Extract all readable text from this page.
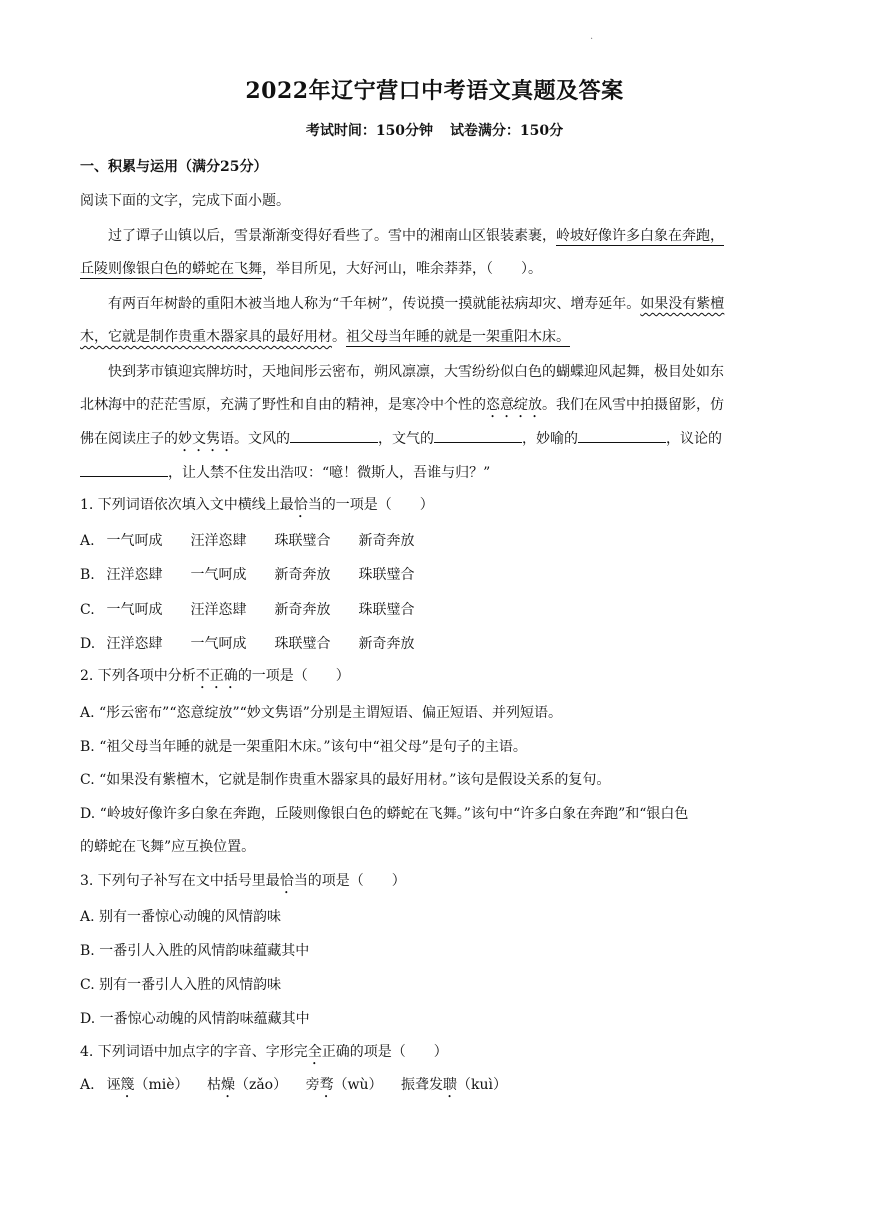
·
2022年辽宁营口中考语文真题及答案
考试时间：150分钟 试卷满分：150分
一、积累与运用（满分25分）
阅读下面的文字，完成下面小题。
过了谭子山镇以后，雪景渐渐变得好看些了。雪中的湘南山区银装素裹，岭坡好像许多白象在奔跑，
丘陵则像银白色的蟒蛇在飞舞，举目所见，大好河山，唯余莽莽，（　　）。
有两百年树龄的重阳木被当地人称为“千年树”，传说摸一摸就能祛病却灾、增寿延年。如果没有紫檀
木，它就是制作贵重木器家具的最好用材。祖父母当年睡的就是一架重阳木床。
快到茅市镇迎宾牌坊时，天地间彤云密布，朔风凛凛，大雪纷纷似白色的蝴蝶迎风起舞，极目处如东
北林海中的茫茫雪原，充满了野性和自由的精神，是寒冷中个性的恣意绽放。我们在风雪中拍摄留影，仿
佛在阅读庄子的妙文隽语。文风的	，文气的	，妙喻的	，议论的
，让人禁不住发出浩叹：“噫！微斯人，吾谁与归？”
1. 下列词语依次填入文中横线上最恰当的一项是（　　）
A. 一气呵成 汪洋恣肆 珠联璧合 新奇奔放
B. 汪洋恣肆 一气呵成 新奇奔放 珠联璧合
C. 一气呵成 汪洋恣肆 新奇奔放 珠联璧合
D. 汪洋恣肆 一气呵成 珠联璧合 新奇奔放
2. 下列各项中分析不正确的一项是（　　）
A. “彤云密布”“恣意绽放”“妙文隽语”分别是主谓短语、偏正短语、并列短语。
B. “祖父母当年睡的就是一架重阳木床。”该句中“祖父母”是句子的主语。
C. “如果没有紫檀木，它就是制作贵重木器家具的最好用材。”该句是假设关系的复句。
D. “岭坡好像许多白象在奔跑，丘陵则像银白色的蟒蛇在飞舞。”该句中“许多白象在奔跑”和“银白色
的蟒蛇在飞舞”应互换位置。
3. 下列句子补写在文中括号里最恰当的项是（　　）
A. 别有一番惊心动魄的风情韵味
B. 一番引人入胜的风情韵味蕴藏其中
C. 别有一番引人入胜的风情韵味
D. 一番惊心动魄的风情韵味蕴藏其中
4. 下列词语中加点字的字音、字形完全正确的项是（　　）
A. 诬篾（miè） 枯燥（zǎo） 旁骛（wù） 振聋发聩（kuì）
